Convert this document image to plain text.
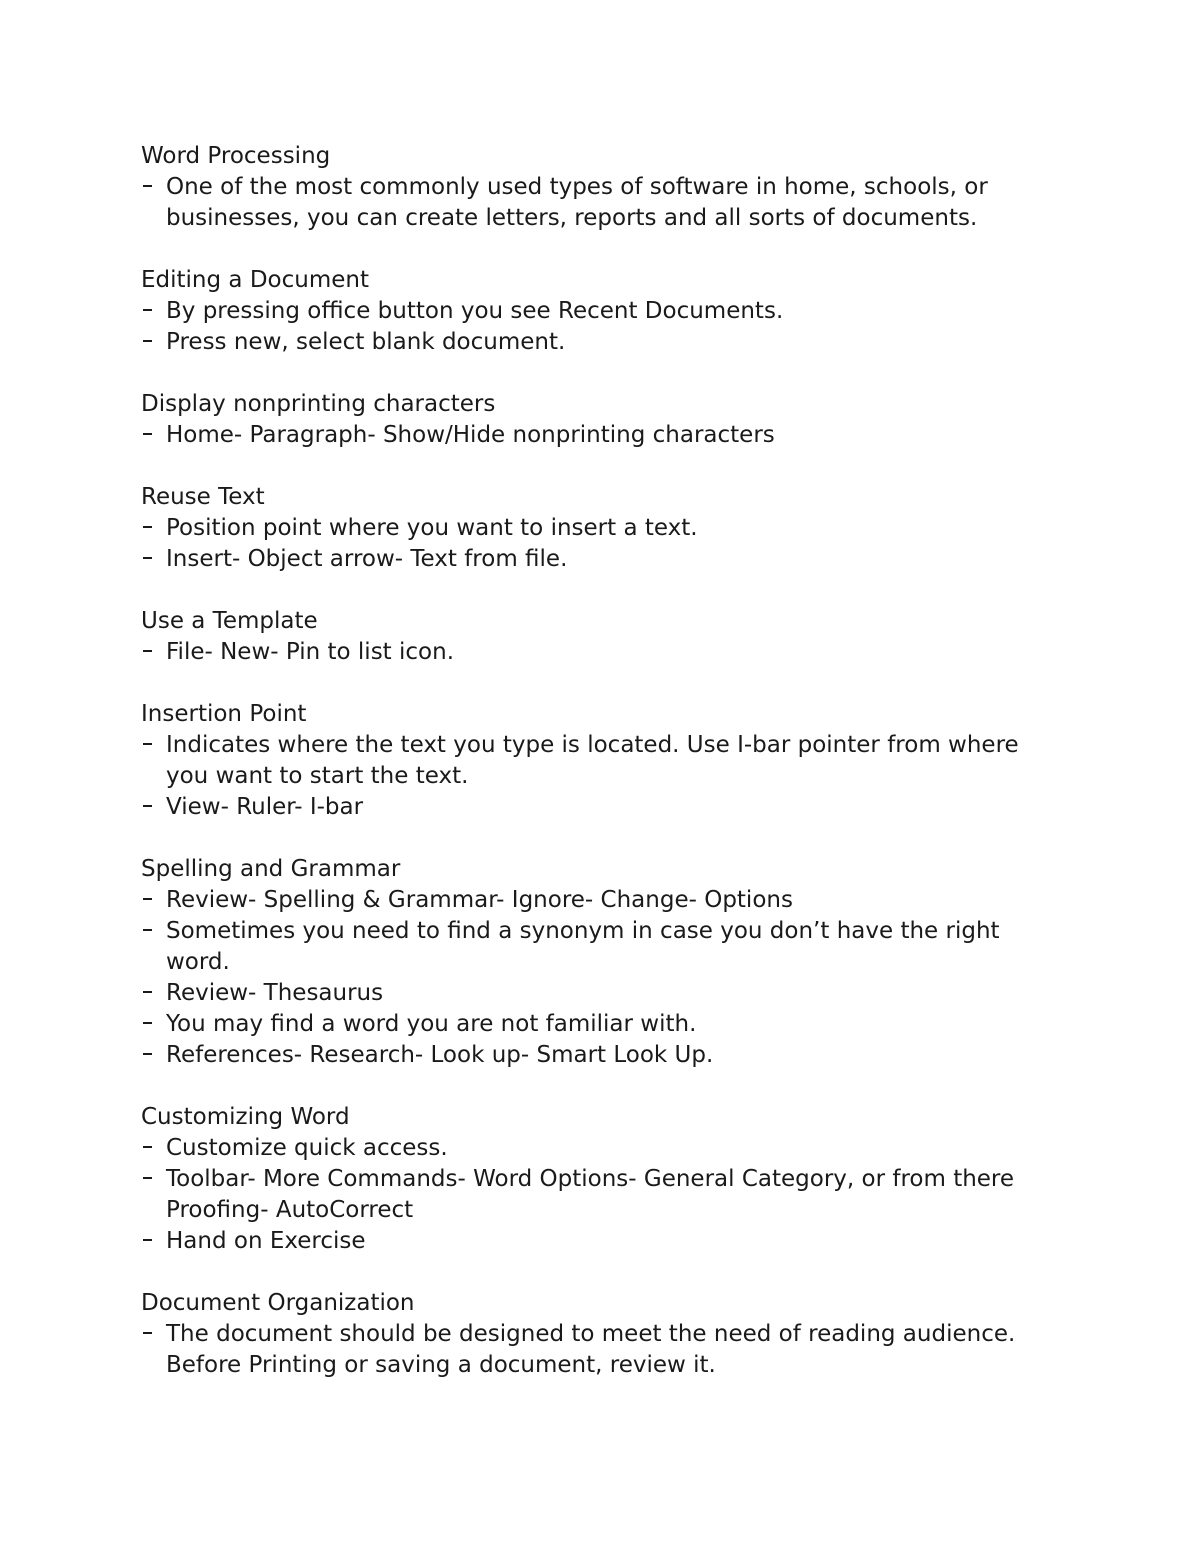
Word Processing
One of the most commonly used types of software in home, schools, or businesses, you can create letters, reports and all sorts of documents.
Editing a Document
By pressing office button you see Recent Documents.
Press new, select blank document.
Display nonprinting characters
Home- Paragraph- Show/Hide nonprinting characters
Reuse Text
Position point where you want to insert a text.
Insert- Object arrow- Text from file.
Use a Template
File- New- Pin to list icon.
Insertion Point
Indicates where the text you type is located. Use I-bar pointer from where you want to start the text.
View- Ruler- I-bar
Spelling and Grammar
Review- Spelling & Grammar- Ignore- Change- Options
Sometimes you need to find a synonym in case you don’t have the right word.
Review- Thesaurus
You may find a word you are not familiar with.
References- Research- Look up- Smart Look Up.
Customizing Word
Customize quick access.
Toolbar- More Commands- Word Options- General Category, or from there Proofing- AutoCorrect
Hand on Exercise
Document Organization
The document should be designed to meet the need of reading audience. Before Printing or saving a document, review it.
